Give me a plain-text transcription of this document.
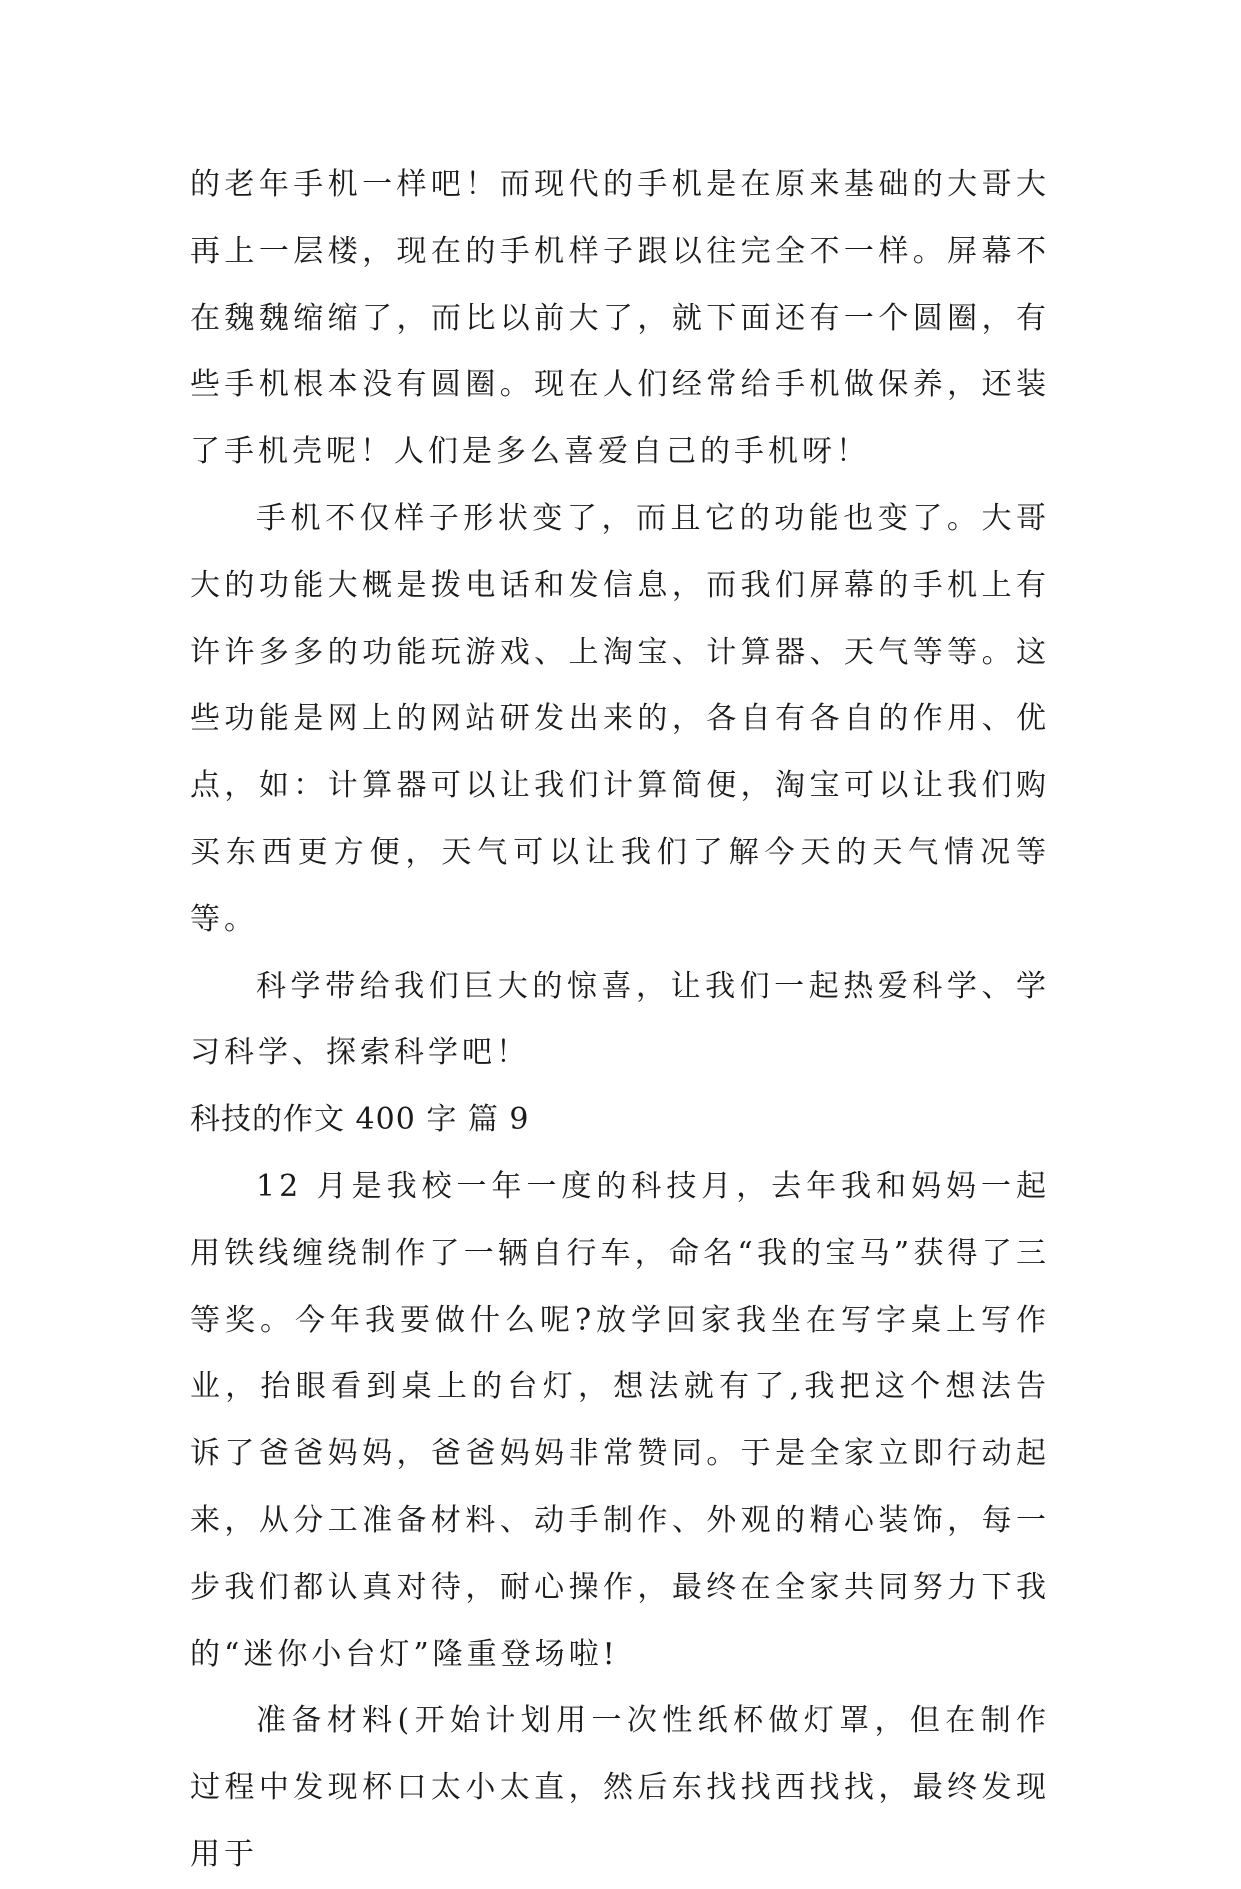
的老年手机一样吧！而现代的手机是在原来基础的大哥大再上一层楼，现在的手机样子跟以往完全不一样。屏幕不在魏魏缩缩了，而比以前大了，就下面还有一个圆圈，有些手机根本没有圆圈。现在人们经常给手机做保养，还装了手机壳呢！人们是多么喜爱自己的手机呀！

手机不仅样子形状变了，而且它的功能也变了。大哥大的功能大概是拨电话和发信息，而我们屏幕的手机上有许许多多的功能玩游戏、上淘宝、计算器、天气等等。这些功能是网上的网站研发出来的，各自有各自的作用、优点，如：计算器可以让我们计算简便，淘宝可以让我们购买东西更方便，天气可以让我们了解今天的天气情况等等。

科学带给我们巨大的惊喜，让我们一起热爱科学、学习科学、探索科学吧！

科技的作文 400 字 篇 9

12 月是我校一年一度的科技月，去年我和妈妈一起用铁线缠绕制作了一辆自行车，命名“我的宝马”获得了三等奖。今年我要做什么呢?放学回家我坐在写字桌上写作业，抬眼看到桌上的台灯，想法就有了,我把这个想法告诉了爸爸妈妈，爸爸妈妈非常赞同。于是全家立即行动起来，从分工准备材料、动手制作、外观的精心装饰，每一步我们都认真对待，耐心操作，最终在全家共同努力下我的“迷你小台灯”隆重登场啦!

准备材料(开始计划用一次性纸杯做灯罩，但在制作过程中发现杯口太小太直，然后东找找西找找，最终发现用于
